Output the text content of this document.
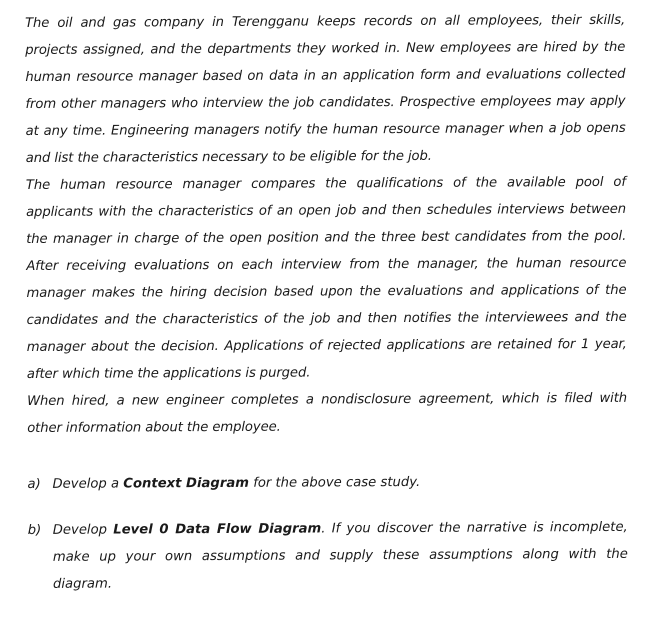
The oil and gas company in Terengganu keeps records on all employees, their skills, projects assigned, and the departments they worked in. New employees are hired by the human resource manager based on data in an application form and evaluations collected from other managers who interview the job candidates. Prospective employees may apply at any time. Engineering managers notify the human resource manager when a job opens and list the characteristics necessary to be eligible for the job.

The human resource manager compares the qualifications of the available pool of applicants with the characteristics of an open job and then schedules interviews between the manager in charge of the open position and the three best candidates from the pool. After receiving evaluations on each interview from the manager, the human resource manager makes the hiring decision based upon the evaluations and applications of the candidates and the characteristics of the job and then notifies the interviewees and the manager about the decision. Applications of rejected applications are retained for 1 year, after which time the applications is purged.

When hired, a new engineer completes a nondisclosure agreement, which is filed with other information about the employee.

a) Develop a Context Diagram for the above case study.
b) Develop Level 0 Data Flow Diagram. If you discover the narrative is incomplete, make up your own assumptions and supply these assumptions along with the diagram.
